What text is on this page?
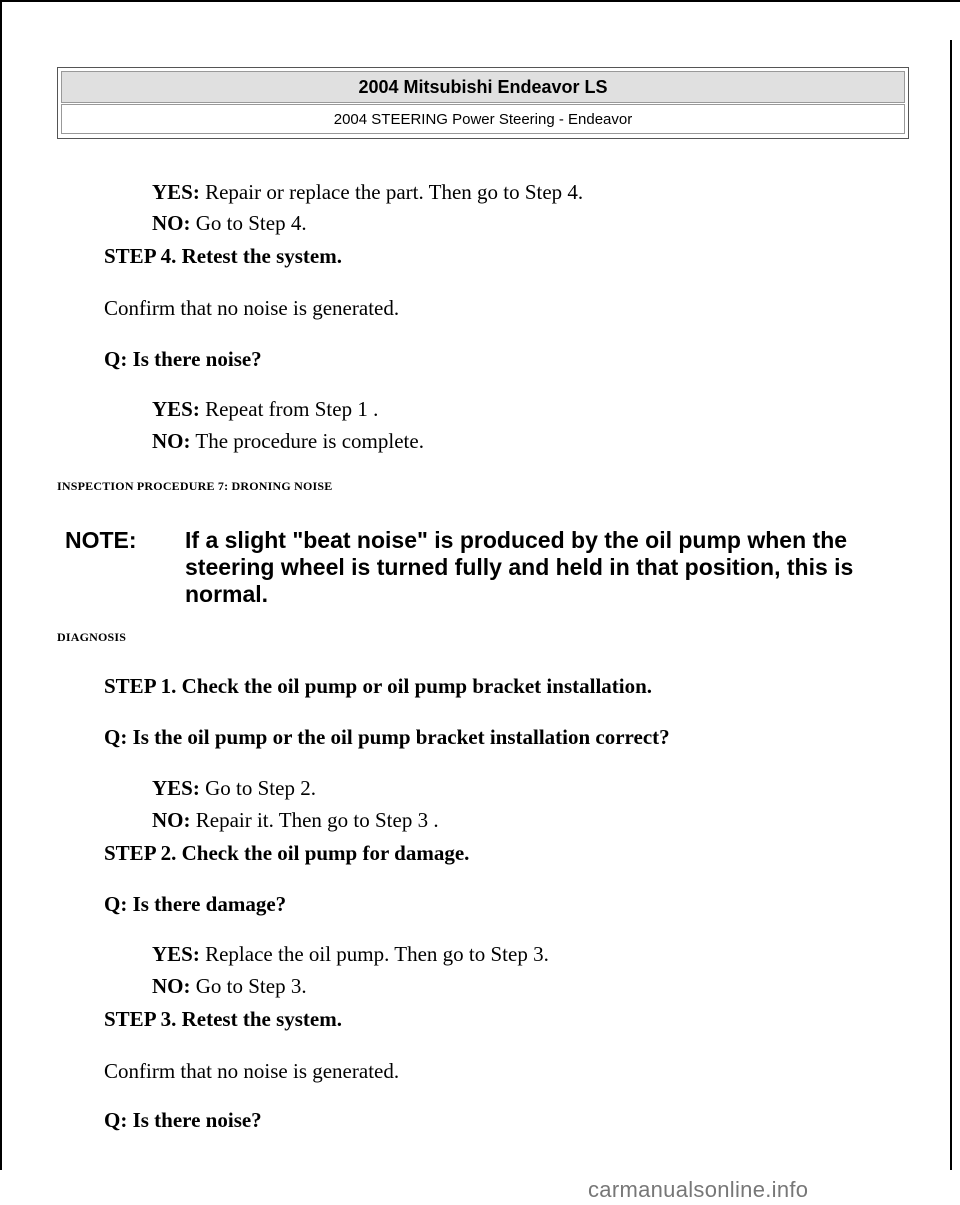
2004 Mitsubishi Endeavor LS
2004 STEERING Power Steering - Endeavor
YES: Repair or replace the part. Then go to Step 4.
NO: Go to Step 4.
STEP 4. Retest the system.
Confirm that no noise is generated.
Q: Is there noise?
YES: Repeat from Step 1 .
NO: The procedure is complete.
INSPECTION PROCEDURE 7: DRONING NOISE
NOTE: If a slight "beat noise" is produced by the oil pump when the steering wheel is turned fully and held in that position, this is normal.
DIAGNOSIS
STEP 1. Check the oil pump or oil pump bracket installation.
Q: Is the oil pump or the oil pump bracket installation correct?
YES: Go to Step 2.
NO: Repair it. Then go to Step 3 .
STEP 2. Check the oil pump for damage.
Q: Is there damage?
YES: Replace the oil pump. Then go to Step 3.
NO: Go to Step 3.
STEP 3. Retest the system.
Confirm that no noise is generated.
Q: Is there noise?
carmanualsonline.info
